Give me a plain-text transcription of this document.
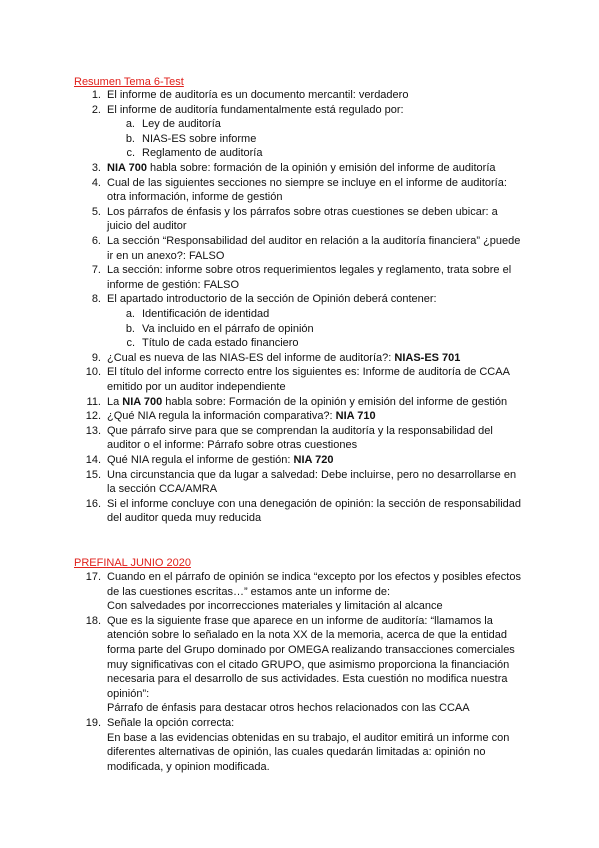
Resumen Tema 6-Test
1. El informe de auditoría es un documento mercantil: verdadero
2. El informe de auditoría fundamentalmente está regulado por:
a. Ley de auditoría
b. NIAS-ES sobre informe
c. Reglamento de auditoría
3. NIA 700 habla sobre: formación de la opinión y emisión del informe de auditoría
4. Cual de las siguientes secciones no siempre se incluye en el informe de auditoría:
otra información, informe de gestión
5. Los párrafos de énfasis y los párrafos sobre otras cuestiones se deben ubicar: a
juicio del auditor
6. La sección “Responsabilidad del auditor en relación a la auditoría financiera” ¿puede
ir en un anexo?: FALSO
7. La sección: informe sobre otros requerimientos legales y reglamento, trata sobre el
informe de gestión: FALSO
8. El apartado introductorio de la sección de Opinión deberá contener:
a. Identificación de identidad
b. Va incluido en el párrafo de opinión
c. Título de cada estado financiero
9. ¿Cual es nueva de las NIAS-ES del informe de auditoría?: NIAS-ES 701
10. El título del informe correcto entre los siguientes es: Informe de auditoría de CCAA
emitido por un auditor independiente
11. La NIA 700 habla sobre: Formación de la opinión y emisión del informe de gestión
12. ¿Qué NIA regula la información comparativa?: NIA 710
13. Que párrafo sirve para que se comprendan la auditoría y la responsabilidad del
auditor o el informe: Párrafo sobre otras cuestiones
14. Qué NIA regula el informe de gestión: NIA 720
15. Una circunstancia que da lugar a salvedad: Debe incluirse, pero no desarrollarse en
la sección CCA/AMRA
16. Si el informe concluye con una denegación de opinión: la sección de responsabilidad
del auditor queda muy reducida
PREFINAL JUNIO 2020
17. Cuando en el párrafo de opinión se indica “excepto por los efectos y posibles efectos
de las cuestiones escritas…” estamos ante un informe de:
Con salvedades por incorrecciones materiales y limitación al alcance
18. Que es la siguiente frase que aparece en un informe de auditoría: “llamamos la
atención sobre lo señalado en la nota XX de la memoria, acerca de que la entidad
forma parte del Grupo dominado por OMEGA realizando transacciones comerciales
muy significativas con el citado GRUPO, que asimismo proporciona la financiación
necesaria para el desarrollo de sus actividades. Esta cuestión no modifica nuestra
opinión”:
Párrafo de énfasis para destacar otros hechos relacionados con las CCAA
19. Señale la opción correcta:
En base a las evidencias obtenidas en su trabajo, el auditor emitirá un informe con
diferentes alternativas de opinión, las cuales quedarán limitadas a: opinión no
modificada, y opinion modificada.
